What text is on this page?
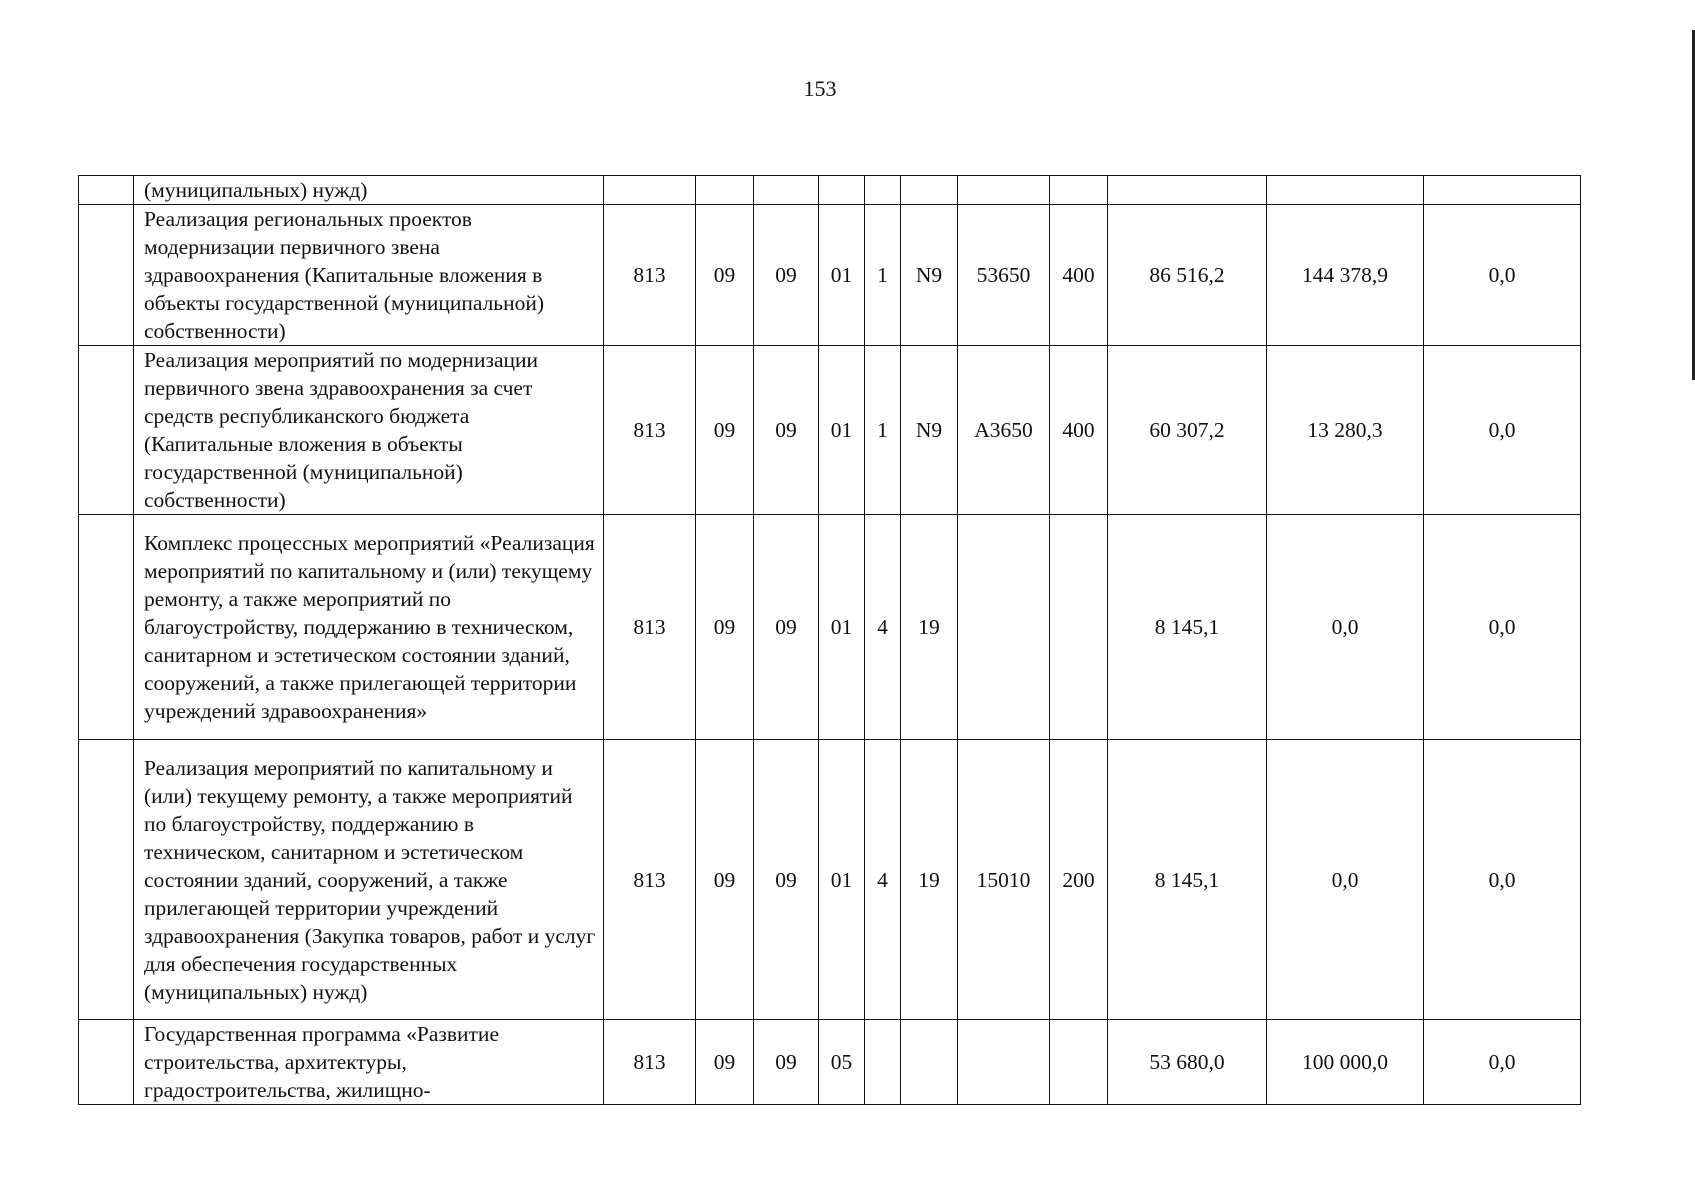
153
	(муниципальных) нужд)											
	Реализация региональных проектов модернизации первичного звена здравоохранения (Капитальные вложения в объекты государственной (муниципальной) собственности)	813	09	09	01	1	N9	53650	400	86 516,2	144 378,9	0,0
	Реализация мероприятий по модернизации первичного звена здравоохранения за счет средств республиканского бюджета (Капитальные вложения в объекты государственной (муниципальной) собственности)	813	09	09	01	1	N9	A3650	400	60 307,2	13 280,3	0,0
	Комплекс процессных мероприятий «Реализация мероприятий по капитальному и (или) текущему ремонту, а также мероприятий по благоустройству, поддержанию в техническом, санитарном и эстетическом состоянии зданий, сооружений, а также прилегающей территории учреждений здравоохранения»	813	09	09	01	4	19			8 145,1	0,0	0,0
	Реализация мероприятий по капитальному и (или) текущему ремонту, а также мероприятий по благоустройству, поддержанию в техническом, санитарном и эстетическом состоянии зданий, сооружений, а также прилегающей территории учреждений здравоохранения (Закупка товаров, работ и услуг для обеспечения государственных (муниципальных) нужд)	813	09	09	01	4	19	15010	200	8 145,1	0,0	0,0
	Государственная программа «Развитие строительства, архитектуры, градостроительства, жилищно-	813	09	09	05					53 680,0	100 000,0	0,0
